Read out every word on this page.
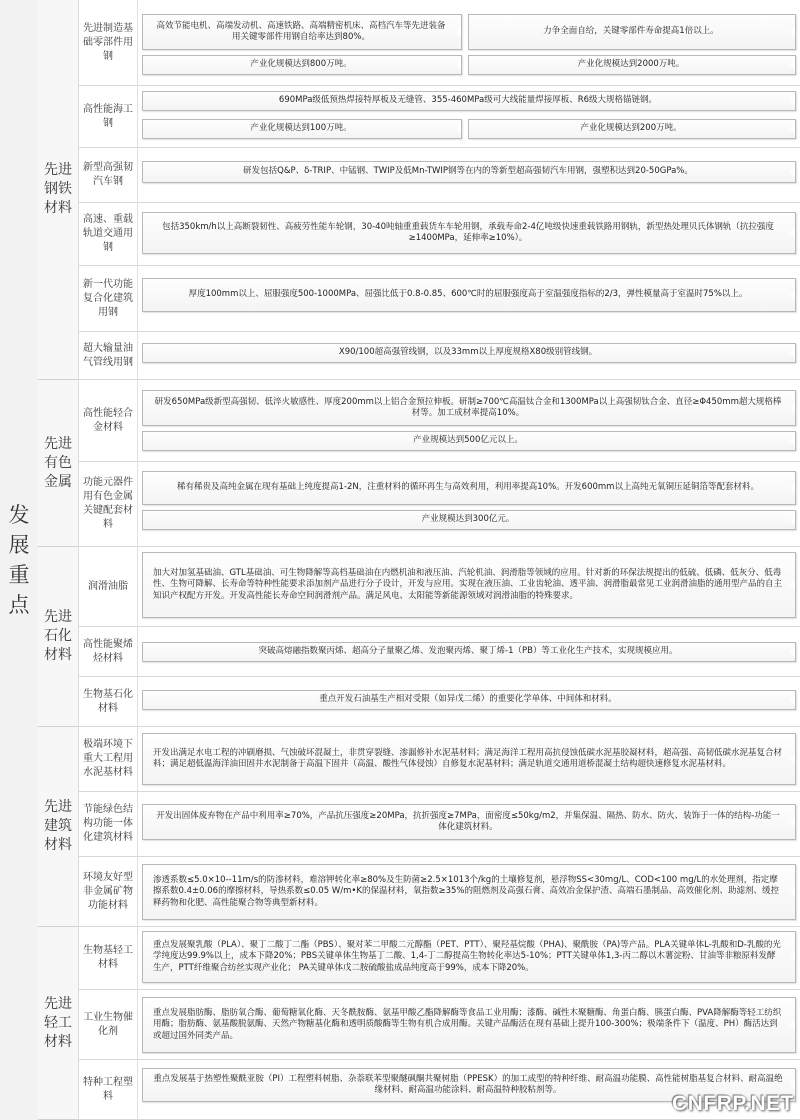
发展重点
先进钢铁材料
先进有色金属
先进石化材料
先进建筑材料
先进轻工材料
先进制造基础零部件用钢
高性能海工钢
新型高强韧汽车钢
高速、重载轨道交通用钢
新一代功能复合化建筑用钢
超大输量油气管线用钢
高性能轻合金材料
功能元器件用有色金属关键配套材料
润滑油脂
高性能聚烯烃材料
生物基石化材料
极端环境下重大工程用水泥基材料
节能绿色结构功能一体化建筑材料
环境友好型非金属矿物功能材料
生物基轻工材料
工业生物催化剂
特种工程塑料
高效节能电机、高端发动机、高速铁路、高端精密机床、高档汽车等先进装备用关键零部件用钢自给率达到80%。
力争全面自给，关键零部件寿命提高1倍以上。
产业化规模达到800万吨。	产业化规模达到2000万吨。
690MPa级低预热焊接特厚板及无缝管、355-460MPa级可大线能量焊接厚板、R6级大规格锚链钢。
产业化规模达到100万吨。	产业化规模达到200万吨。
研发包括Q&P、δ-TRIP、中锰钢、TWIP及低Mn-TWIP钢等在内的等新型超高强韧汽车用钢，强塑积达到20-50GPa%。
包括350km/h以上高断裂韧性、高疲劳性能车轮钢，30-40吨轴重重载货车车轮用钢，承载寿命2-4亿吨级快速重载铁路用钢轨，新型热处理贝氏体钢轨（抗拉强度≥1400MPa，延伸率≥10%）。
厚度100mm以上、屈服强度500-1000MPa、屈强比低于0.8-0.85、600℃时的屈服强度高于室温强度指标的2/3，弹性模量高于室温时75%以上。
X90/100超高强管线钢，以及33mm以上厚度规格X80级别管线钢。
研发650MPa级新型高强韧、低淬火敏感性、厚度200mm以上铝合金预拉伸板。研制≥700℃高温钛合金和1300MPa以上高强韧钛合金、直径≥Φ450mm超大规格棒材等。加工成材率提高10%。
产业规模达到500亿元以上。
稀有稀贵及高纯金属在现有基础上纯度提高1-2N，注重材料的循环再生与高效利用，利用率提高10%。开发600mm以上高纯无氧铜压延铜箔等配套材料。
产业规模达到300亿元。
加大对加氢基础油、GTL基础油、可生物降解等高档基础油在内燃机油和液压油、汽轮机油、润滑脂等领域的应用。针对新的环保法规提出的低硫、低磷、低灰分、低毒性、生物可降解、长寿命等特种性能要求添加剂产品进行分子设计，开发与应用。实现在液压油、工业齿轮油、透平油、润滑脂最常见工业润滑油脂的通用型产品的自主知识产权配方开发。开发高性能长寿命空间润滑剂产品。满足风电、太阳能等新能源领域对润滑油脂的特殊要求。
突破高熔融指数聚丙烯、超高分子量聚乙烯、发泡聚丙烯、聚丁烯-1（PB）等工业化生产技术，实现规模应用。
重点开发石油基生产相对受限（如异戊二烯）的重要化学单体、中间体和材料。
开发出满足水电工程的冲刷磨损、气蚀破坏混凝土，非贯穿裂缝、渗漏修补水泥基材料；满足海洋工程用高抗侵蚀低碳水泥基胶凝材料，超高强、高韧低碳水泥基复合材料；满足超低温海洋油田固井水泥制备于高温下固井（高温、酸性气体侵蚀）自修复水泥基材料；满足轨道交通用道桥混凝土结构超快速修复水泥基材料。
开发出固体废弃物在产品中利用率≥70%，产品抗压强度≥20MPa，抗折强度≥7MPa，面密度≤50kg/m2，并集保温、隔热、防水、防火、装饰于一体的结构-功能一体化建筑材料。
渗透系数≤5.0×10--11m/s的防渗材料，难溶钾转化率≥80%及生防菌≥2.5×1013个/kg的土壤修复剂，悬浮物SS<30mg/L、COD<100 mg/L的水处理剂，指定摩擦系数0.4±0.06的摩擦材料，导热系数≤0.05 W/m•K的保温材料，氧指数≥35%的阻燃剂及高强石膏、高效冶金保护渣、高端石墨制品、高效催化剂、助滤剂、缓控释药物和化肥、高性能聚合物等典型新材料。
重点发展聚乳酸（PLA）、聚丁二酸丁二酯（PBS）、聚对苯二甲酸二元醇酯（PET、PTT）、聚羟基烷酸（PHA)、聚酰胺（PA)等产品。PLA关键单体L-乳酸和D-乳酸的光学纯度达99.9%以上，成本下降20%；PBS关键单体生物基丁二酸、1,4-丁二醇提高生物转化率达5-10%；PTT关键单体1,3-丙二醇以木薯淀粉、甘油等非粮原料发酵生产，PTT纤维聚合纺丝实现产业化； PA关键单体戊二胺硫酸盐成品纯度高于99%，成本下降20%。
重点发展脂肪酶、脂肪氧合酶、葡萄糖氧化酶、天冬酰胺酶、氨基甲酸乙酯降解酶等食品工业用酶；漆酶、碱性木聚糖酶、角蛋白酶、胰蛋白酶、PVA降解酶等轻工纺织用酶；脂肪酶、氨基酸脱氨酶、天然产物糖基化酶和透明质酸酶等生物有机合成用酶。关键产品酶活在现有基础上提升100-300%；极端条件下（温度、PH）酶活达到或超过国外同类产品。
重点发展基于热塑性聚酰亚胺（PI）工程塑料树脂、杂萘联苯型聚醚砜酮共聚树脂（PPESK）的加工成型的特种纤维、耐高温功能膜、高性能树脂基复合材料、耐高温绝缘材料、耐高温功能涂料、耐高温特种胶粘剂等。
CNFRP.NET
